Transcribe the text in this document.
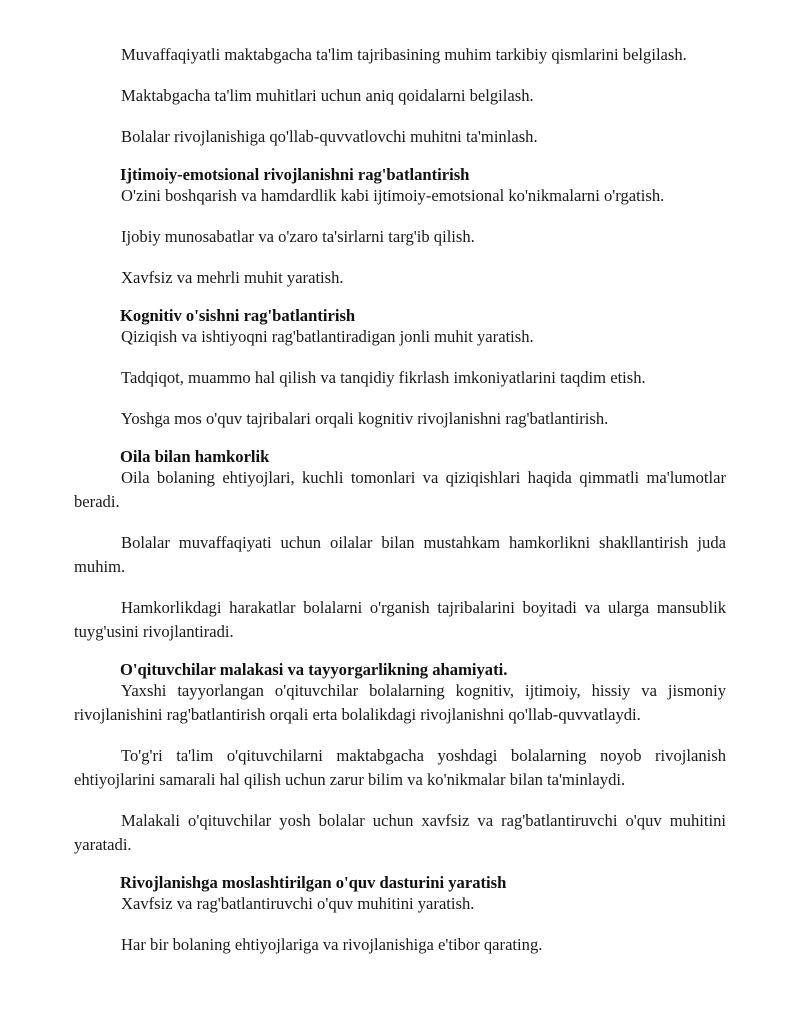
Muvaffaqiyatli maktabgacha ta'lim tajribasining muhim tarkibiy qismlarini belgilash.

Maktabgacha ta'lim muhitlari uchun aniq qoidalarni belgilash.

Bolalar rivojlanishiga qo'llab-quvvatlovchi muhitni ta'minlash.

Ijtimoiy-emotsional rivojlanishni rag'batlantirish

O'zini boshqarish va hamdardlik kabi ijtimoiy-emotsional ko'nikmalarni o'rgatish.

Ijobiy munosabatlar va o'zaro ta'sirlarni targ'ib qilish.

Xavfsiz va mehrli muhit yaratish.

Kognitiv o'sishni rag'batlantirish

Qiziqish va ishtiyoqni rag'batlantiradigan jonli muhit yaratish.

Tadqiqot, muammo hal qilish va tanqidiy fikrlash imkoniyatlarini taqdim etish.

Yoshga mos o'quv tajribalari orqali kognitiv rivojlanishni rag'batlantirish.

Oila bilan hamkorlik

Oila bolaning ehtiyojlari, kuchli tomonlari va qiziqishlari haqida qimmatli ma'lumotlar beradi.

Bolalar muvaffaqiyati uchun oilalar bilan mustahkam hamkorlikni shakllantirish juda muhim.

Hamkorlikdagi harakatlar bolalarni o'rganish tajribalarini boyitadi va ularga mansublik tuyg'usini rivojlantiradi.

O'qituvchilar malakasi va tayyorgarlikning ahamiyati.

Yaxshi tayyorlangan o'qituvchilar bolalarning kognitiv, ijtimoiy, hissiy va jismoniy rivojlanishini rag'batlantirish orqali erta bolalikdagi rivojlanishni qo'llab-quvvatlaydi.

To'g'ri ta'lim o'qituvchilarni maktabgacha yoshdagi bolalarning noyob rivojlanish ehtiyojlarini samarali hal qilish uchun zarur bilim va ko'nikmalar bilan ta'minlaydi.

Malakali o'qituvchilar yosh bolalar uchun xavfsiz va rag'batlantiruvchi o'quv muhitini yaratadi.

Rivojlanishga moslashtirilgan o'quv dasturini yaratish

Xavfsiz va rag'batlantiruvchi o'quv muhitini yaratish.

Har bir bolaning ehtiyojlariga va rivojlanishiga e'tibor qarating.
